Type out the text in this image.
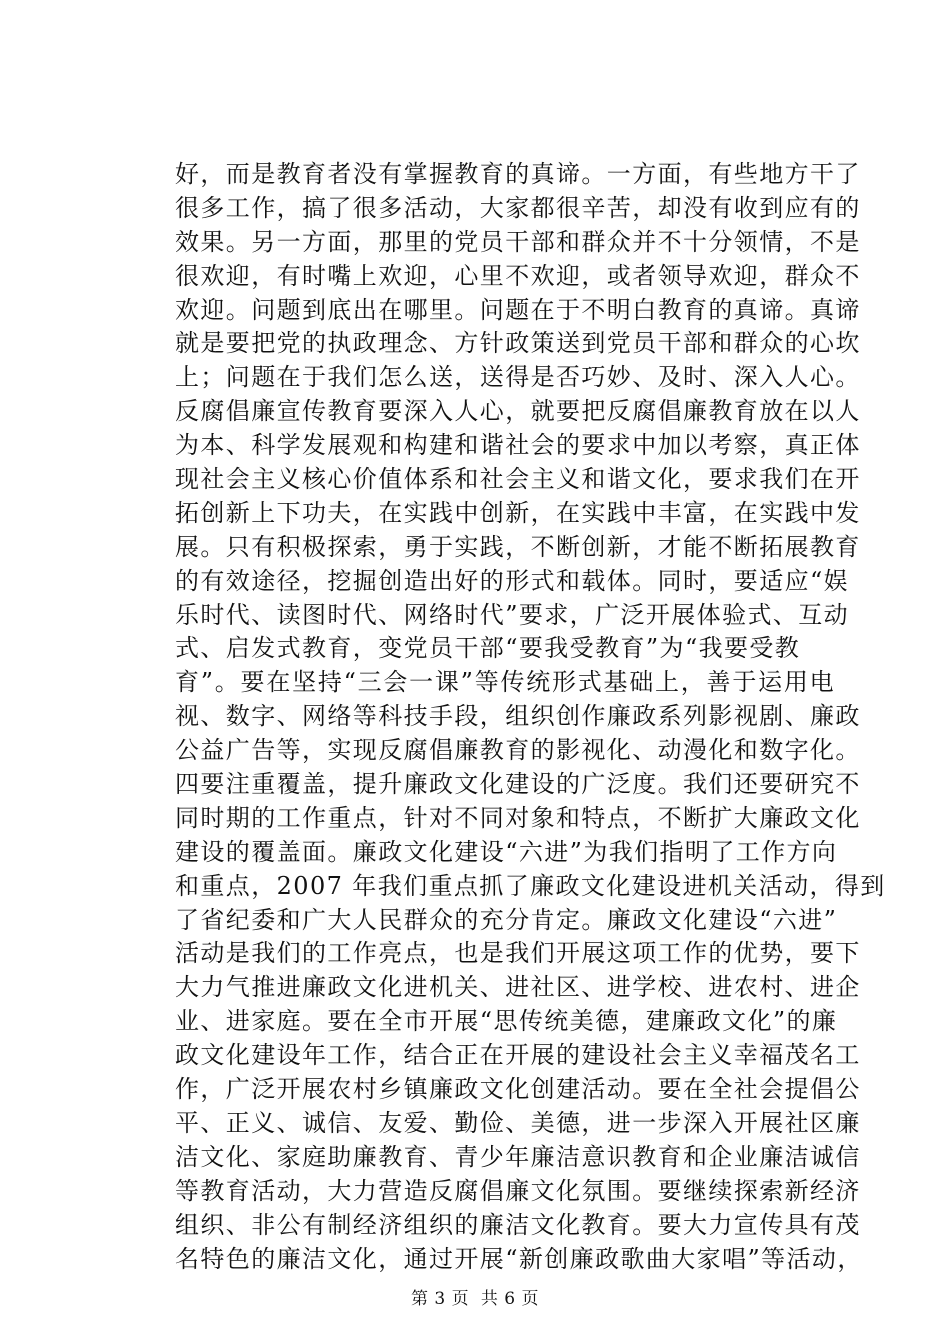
好，而是教育者没有掌握教育的真谛。一方面，有些地方干了
很多工作，搞了很多活动，大家都很辛苦，却没有收到应有的
效果。另一方面，那里的党员干部和群众并不十分领情，不是
很欢迎，有时嘴上欢迎，心里不欢迎，或者领导欢迎，群众不
欢迎。问题到底出在哪里。问题在于不明白教育的真谛。真谛
就是要把党的执政理念、方针政策送到党员干部和群众的心坎
上；问题在于我们怎么送，送得是否巧妙、及时、深入人心。
反腐倡廉宣传教育要深入人心，就要把反腐倡廉教育放在以人
为本、科学发展观和构建和谐社会的要求中加以考察，真正体
现社会主义核心价值体系和社会主义和谐文化，要求我们在开
拓创新上下功夫，在实践中创新，在实践中丰富，在实践中发
展。只有积极探索，勇于实践，不断创新，才能不断拓展教育
的有效途径，挖掘创造出好的形式和载体。同时，要适应“娱
乐时代、读图时代、网络时代”要求，广泛开展体验式、互动
式、启发式教育，变党员干部“要我受教育”为“我要受教
育”。要在坚持“三会一课”等传统形式基础上，善于运用电
视、数字、网络等科技手段，组织创作廉政系列影视剧、廉政
公益广告等，实现反腐倡廉教育的影视化、动漫化和数字化。
四要注重覆盖，提升廉政文化建设的广泛度。我们还要研究不
同时期的工作重点，针对不同对象和特点，不断扩大廉政文化
建设的覆盖面。廉政文化建设“六进”为我们指明了工作方向
和重点，2007 年我们重点抓了廉政文化建设进机关活动，得到
了省纪委和广大人民群众的充分肯定。廉政文化建设“六进”
活动是我们的工作亮点，也是我们开展这项工作的优势，要下
大力气推进廉政文化进机关、进社区、进学校、进农村、进企
业、进家庭。要在全市开展“思传统美德，建廉政文化”的廉
政文化建设年工作，结合正在开展的建设社会主义幸福茂名工
作，广泛开展农村乡镇廉政文化创建活动。要在全社会提倡公
平、正义、诚信、友爱、勤俭、美德，进一步深入开展社区廉
洁文化、家庭助廉教育、青少年廉洁意识教育和企业廉洁诚信
等教育活动，大力营造反腐倡廉文化氛围。要继续探索新经济
组织、非公有制经济组织的廉洁文化教育。要大力宣传具有茂
名特色的廉洁文化，通过开展“新创廉政歌曲大家唱”等活动，
第 3 页 共 6 页
